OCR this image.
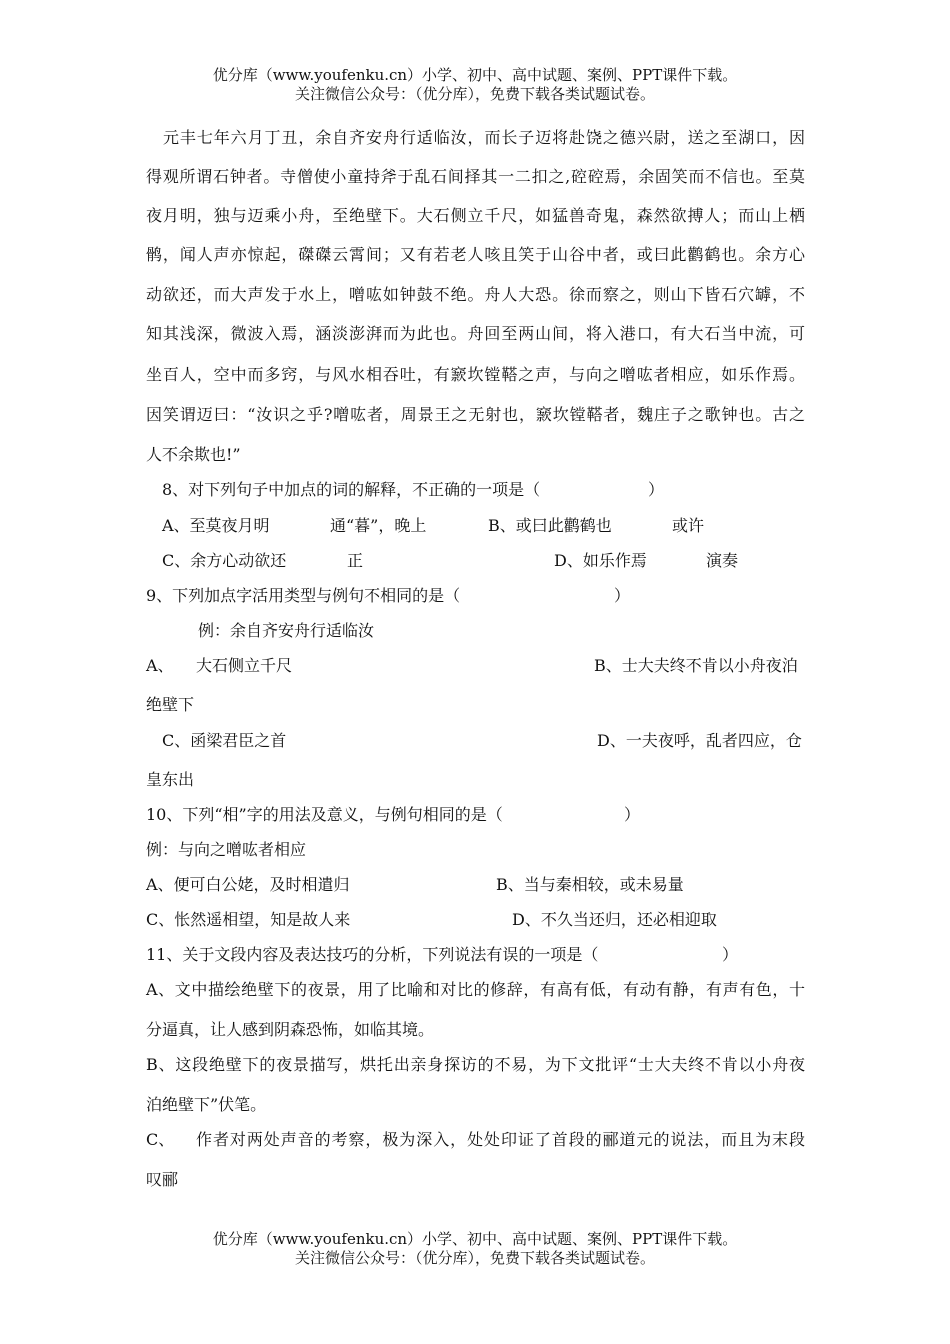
优分库（www.youfenku.cn）小学、初中、高中试题、案例、PPT课件下载。
关注微信公众号：（优分库），免费下载各类试题试卷。
元丰七年六月丁丑，余自齐安舟行适临汝，而长子迈将赴饶之德兴尉，送之至湖口，因
得观所谓石钟者。寺僧使小童持斧于乱石间择其一二扣之,硿硿焉，余固笑而不信也。至莫
夜月明，独与迈乘小舟，至绝壁下。大石侧立千尺，如猛兽奇鬼，森然欲搏人；而山上栖
鹘，闻人声亦惊起，磔磔云霄间；又有若老人咳且笑于山谷中者，或曰此鹳鹤也。余方心
动欲还，而大声发于水上，噌吰如钟鼓不绝。舟人大恐。徐而察之，则山下皆石穴罅，不
知其浅深，微波入焉，涵淡澎湃而为此也。舟回至两山间，将入港口，有大石当中流，可
坐百人，空中而多窍，与风水相吞吐，有窾坎镗鞳之声，与向之噌吰者相应，如乐作焉。
因笑谓迈曰：“汝识之乎?噌吰者，周景王之无射也，窾坎镗鞳者，魏庄子之歌钟也。古之
人不余欺也!”
8、对下列句子中加点的词的解释，不正确的一项是（	）
A、至莫夜月明	通“暮”，晚上	B、或曰此鹳鹤也	或许
C、余方心动欲还	正	D、如乐作焉	演奏
9、下列加点字活用类型与例句不相同的是（	）
例：余自齐安舟行适临汝
A、 大石侧立千尺	B、士大夫终不肯以小舟夜泊
绝壁下
C、函梁君臣之首	D、一夫夜呼，乱者四应，仓
皇东出
10、下列“相”字的用法及意义，与例句相同的是（	）
例：与向之噌吰者相应
A、便可白公姥，及时相遣归	B、当与秦相较，或未易量
C、怅然遥相望，知是故人来	D、不久当还归，还必相迎取
11、关于文段内容及表达技巧的分析，下列说法有误的一项是（	）
A、文中描绘绝壁下的夜景，用了比喻和对比的修辞，有高有低，有动有静，有声有色，十
分逼真，让人感到阴森恐怖，如临其境。
B、这段绝壁下的夜景描写，烘托出亲身探访的不易，为下文批评“士大夫终不肯以小舟夜
泊绝壁下”伏笔。
C、 作者对两处声音的考察，极为深入，处处印证了首段的郦道元的说法，而且为末段
叹郦
优分库（www.youfenku.cn）小学、初中、高中试题、案例、PPT课件下载。
关注微信公众号：（优分库），免费下载各类试题试卷。
